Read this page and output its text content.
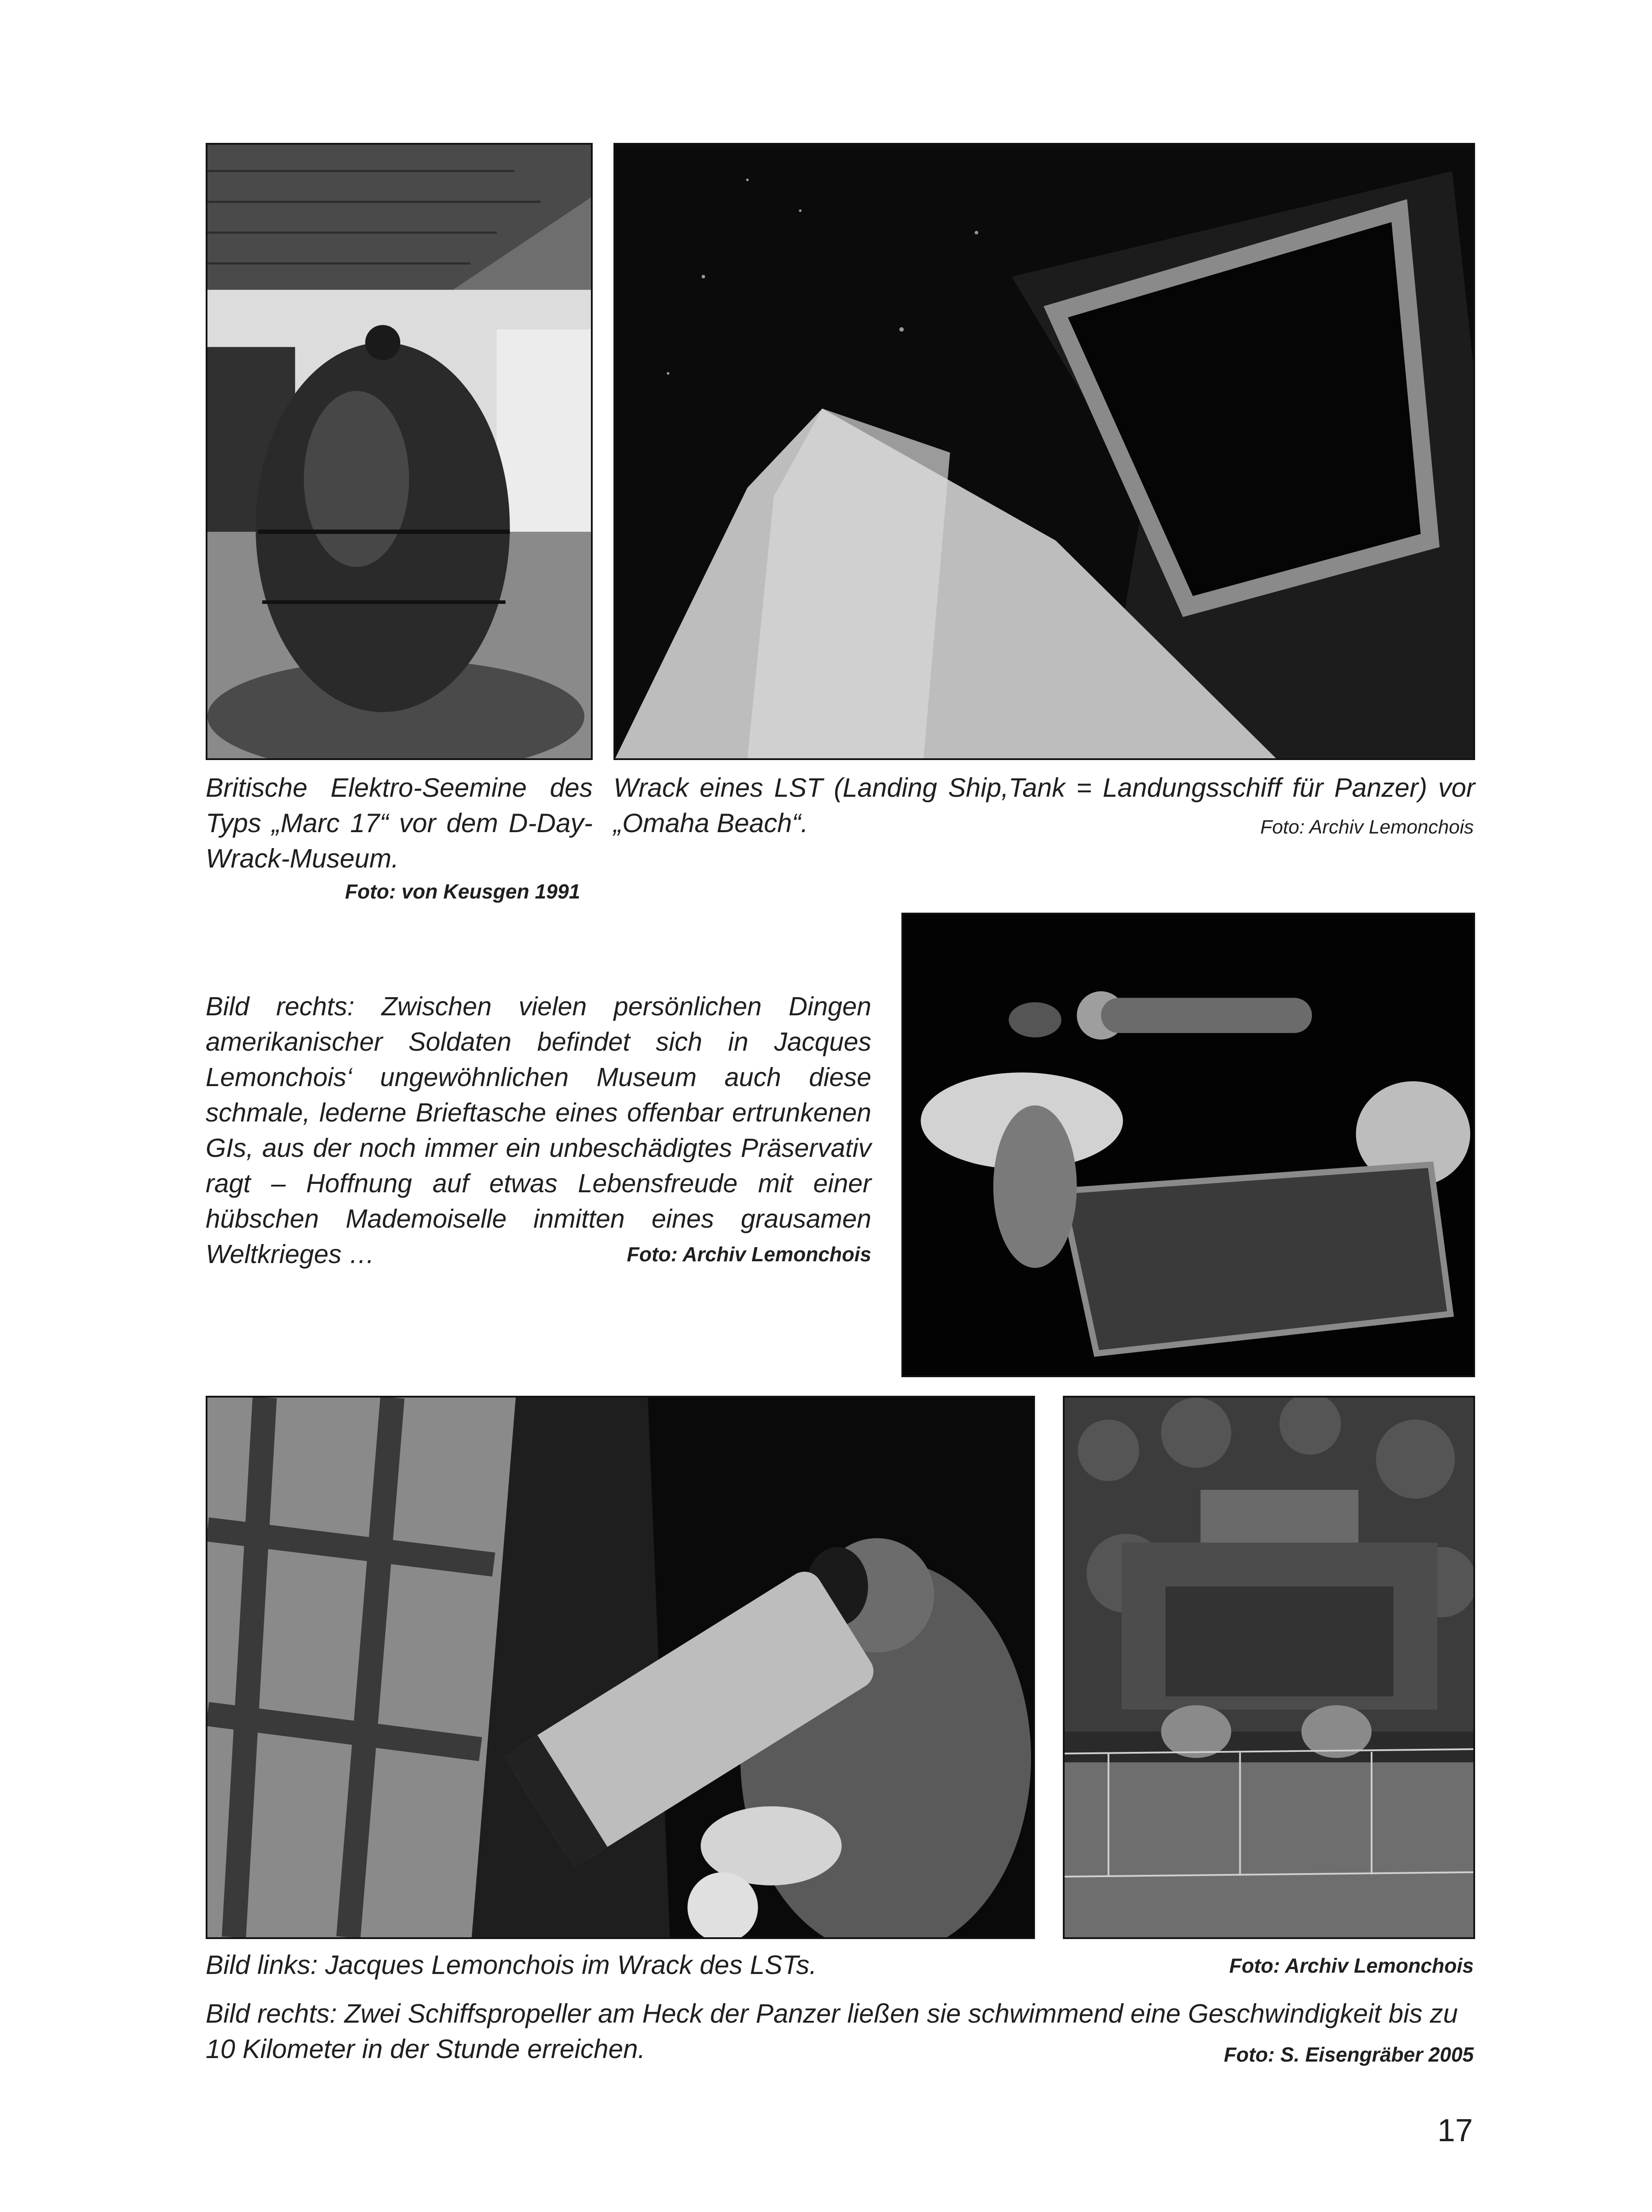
Britische Elektro-Seemine des Typs „Marc 17“ vor dem D-Day-Wrack-Museum.

Foto: von Keusgen 1991

Wrack eines LST (Landing Ship,Tank = Landungsschiff für Panzer) vor „Omaha Beach“.	Foto: Archiv Lemonchois

Bild rechts: Zwischen vielen persönlichen Dingen amerikanischer Soldaten befindet sich in Jacques Lemonchois‘ ungewöhnlichen Museum auch diese schmale, lederne Brieftasche eines offenbar ertrunkenen GIs, aus der noch immer ein unbeschädigtes Präservativ ragt – Hoffnung auf etwas Lebensfreude mit einer hübschen Mademoiselle inmitten eines grausamen Weltkrieges …	Foto: Archiv Lemonchois
Bild links: Jacques Lemonchois im Wrack des LSTs.	Foto: Archiv Lemonchois

Bild rechts: Zwei Schiffspropeller am Heck der Panzer ließen sie schwimmend eine Geschwindigkeit bis zu 10 Kilometer in der Stunde erreichen.	Foto: S. Eisengräber 2005
17
